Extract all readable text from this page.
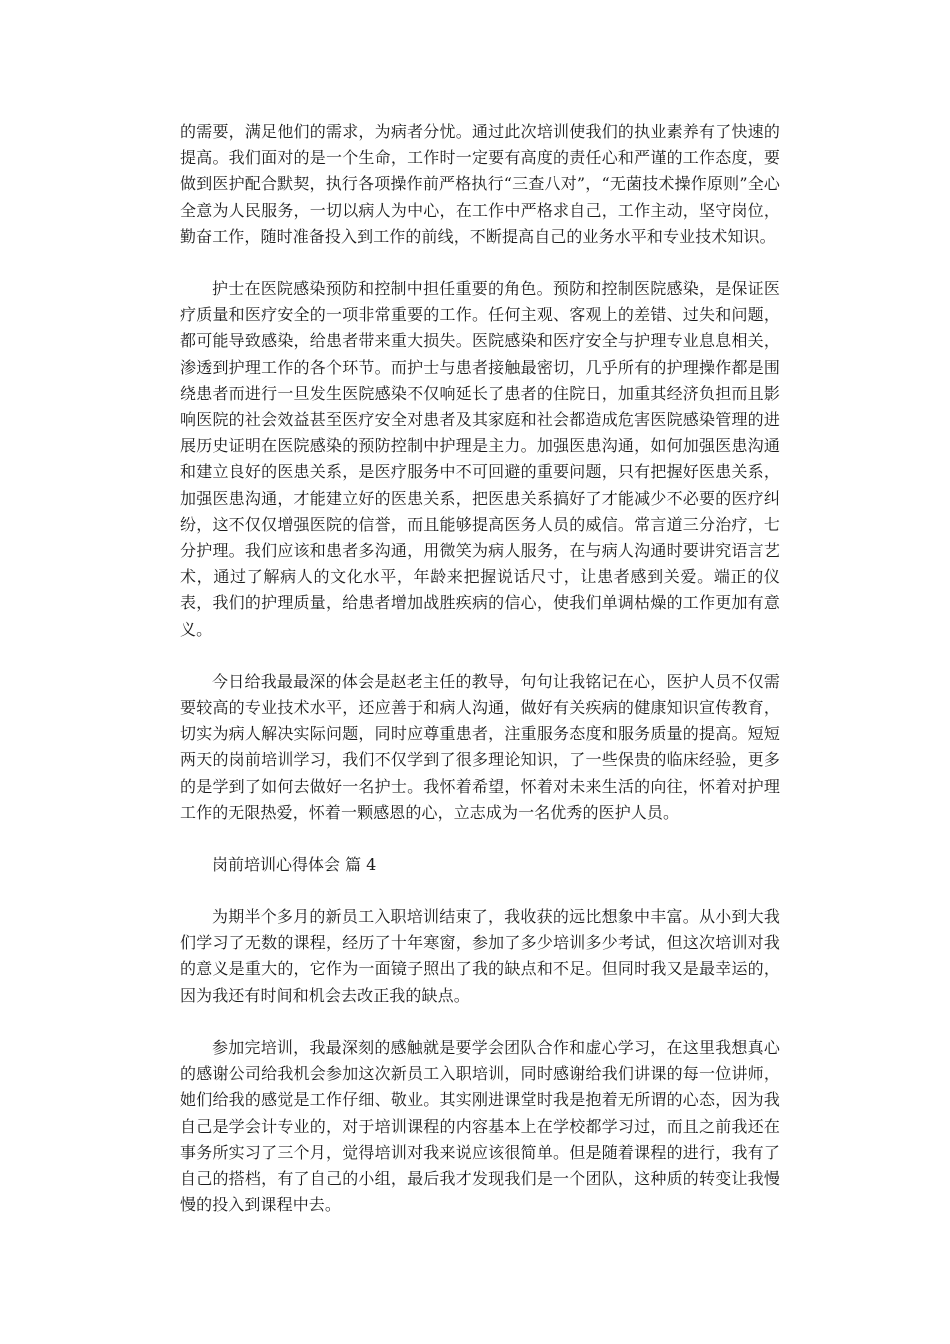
的需要，满足他们的需求，为病者分忧。通过此次培训使我们的执业素养有了快速的提高。我们面对的是一个生命，工作时一定要有高度的责任心和严谨的工作态度，要做到医护配合默契，执行各项操作前严格执行“三查八对”，“无菌技术操作原则”全心全意为人民服务，一切以病人为中心，在工作中严格求自己，工作主动，坚守岗位，勤奋工作，随时准备投入到工作的前线，不断提高自己的业务水平和专业技术知识。

护士在医院感染预防和控制中担任重要的角色。预防和控制医院感染，是保证医疗质量和医疗安全的一项非常重要的工作。任何主观、客观上的差错、过失和问题，都可能导致感染，给患者带来重大损失。医院感染和医疗安全与护理专业息息相关，渗透到护理工作的各个环节。而护士与患者接触最密切，几乎所有的护理操作都是围绕患者而进行一旦发生医院感染不仅响延长了患者的住院日，加重其经济负担而且影响医院的社会效益甚至医疗安全对患者及其家庭和社会都造成危害医院感染管理的进展历史证明在医院感染的预防控制中护理是主力。加强医患沟通，如何加强医患沟通和建立良好的医患关系，是医疗服务中不可回避的重要问题，只有把握好医患关系，加强医患沟通，才能建立好的医患关系，把医患关系搞好了才能减少不必要的医疗纠纷，这不仅仅增强医院的信誉，而且能够提高医务人员的威信。常言道三分治疗，七分护理。我们应该和患者多沟通，用微笑为病人服务，在与病人沟通时要讲究语言艺术，通过了解病人的文化水平，年龄来把握说话尺寸，让患者感到关爱。端正的仪表，我们的护理质量，给患者增加战胜疾病的信心，使我们单调枯燥的工作更加有意义。

今日给我最最深的体会是赵老主任的教导，句句让我铭记在心，医护人员不仅需要较高的专业技术水平，还应善于和病人沟通，做好有关疾病的健康知识宣传教育，切实为病人解决实际问题，同时应尊重患者，注重服务态度和服务质量的提高。短短两天的岗前培训学习，我们不仅学到了很多理论知识，了一些保贵的临床经验，更多的是学到了如何去做好一名护士。我怀着希望，怀着对未来生活的向往，怀着对护理工作的无限热爱，怀着一颗感恩的心，立志成为一名优秀的医护人员。

岗前培训心得体会 篇 4

为期半个多月的新员工入职培训结束了，我收获的远比想象中丰富。从小到大我们学习了无数的课程，经历了十年寒窗，参加了多少培训多少考试，但这次培训对我的意义是重大的，它作为一面镜子照出了我的缺点和不足。但同时我又是最幸运的，因为我还有时间和机会去改正我的缺点。

参加完培训，我最深刻的感触就是要学会团队合作和虚心学习，在这里我想真心的感谢公司给我机会参加这次新员工入职培训，同时感谢给我们讲课的每一位讲师，她们给我的感觉是工作仔细、敬业。其实刚进课堂时我是抱着无所谓的心态，因为我自己是学会计专业的，对于培训课程的内容基本上在学校都学习过，而且之前我还在事务所实习了三个月，觉得培训对我来说应该很简单。但是随着课程的进行，我有了自己的搭档，有了自己的小组，最后我才发现我们是一个团队，这种质的转变让我慢慢的投入到课程中去。
